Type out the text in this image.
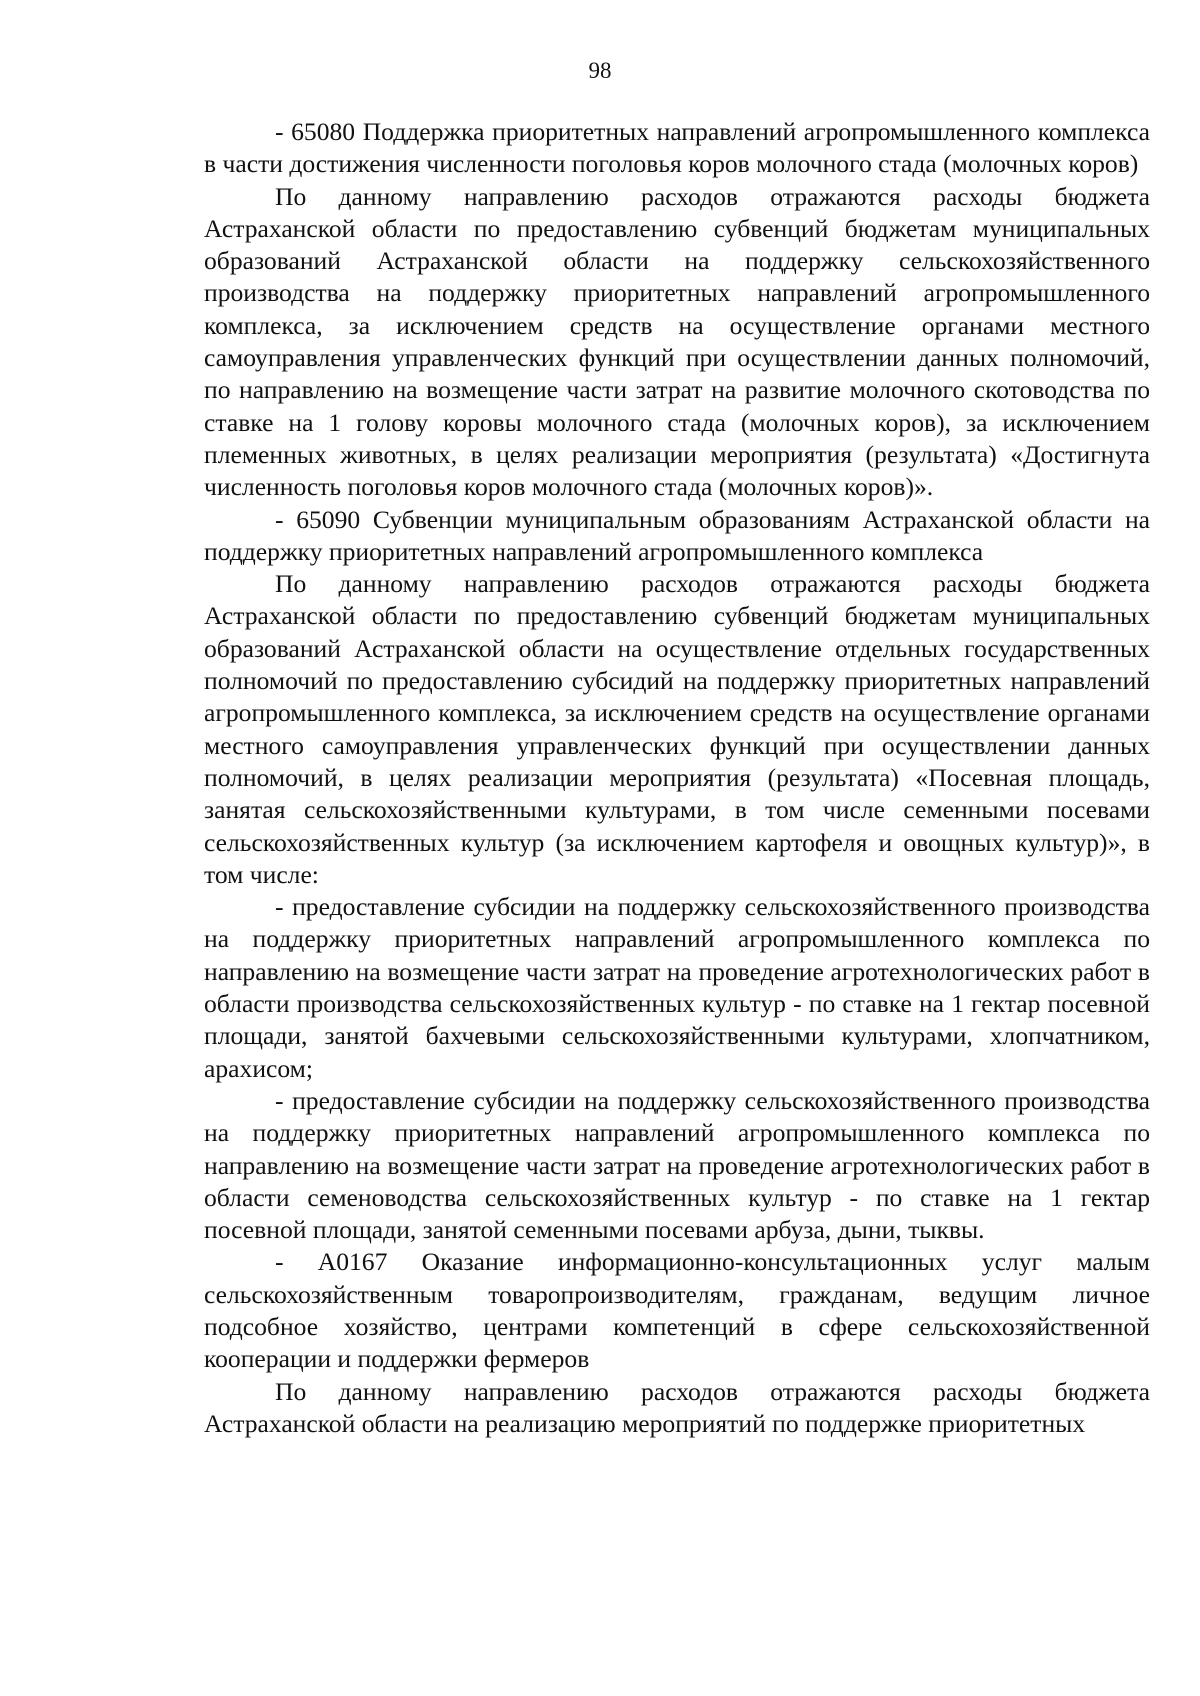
98

- 65080 Поддержка приоритетных направлений агропромышленного комплекса в части достижения численности поголовья коров молочного стада (молочных коров)

По данному направлению расходов отражаются расходы бюджета Астраханской области по предоставлению субвенций бюджетам муниципальных образований Астраханской области на поддержку сельскохозяйственного производства на поддержку приоритетных направлений агропромышленного комплекса, за исключением средств на осуществление органами местного самоуправления управленческих функций при осуществлении данных полномочий, по направлению на возмещение части затрат на развитие молочного скотоводства по ставке на 1 голову коровы молочного стада (молочных коров), за исключением племенных животных, в целях реализации мероприятия (результата) «Достигнута численность поголовья коров молочного стада (молочных коров)».

- 65090 Субвенции муниципальным образованиям Астраханской области на поддержку приоритетных направлений агропромышленного комплекса

По данному направлению расходов отражаются расходы бюджета Астраханской области по предоставлению субвенций бюджетам муниципальных образований Астраханской области на осуществление отдельных государственных полномочий по предоставлению субсидий на поддержку приоритетных направлений агропромышленного комплекса, за исключением средств на осуществление органами местного самоуправления управленческих функций при осуществлении данных полномочий, в целях реализации мероприятия (результата) «Посевная площадь, занятая сельскохозяйственными культурами, в том числе семенными посевами сельскохозяйственных культур (за исключением картофеля и овощных культур)», в том числе:

- предоставление субсидии на поддержку сельскохозяйственного производства на поддержку приоритетных направлений агропромышленного комплекса по направлению на возмещение части затрат на проведение агротехнологических работ в области производства сельскохозяйственных культур - по ставке на 1 гектар посевной площади, занятой бахчевыми сельскохозяйственными культурами, хлопчатником, арахисом;

- предоставление субсидии на поддержку сельскохозяйственного производства на поддержку приоритетных направлений агропромышленного комплекса по направлению на возмещение части затрат на проведение агротехнологических работ в области семеноводства сельскохозяйственных культур - по ставке на 1 гектар посевной площади, занятой семенными посевами арбуза, дыни, тыквы.

- А0167 Оказание информационно-консультационных услуг малым сельскохозяйственным товаропроизводителям, гражданам, ведущим личное подсобное хозяйство, центрами компетенций в сфере сельскохозяйственной кооперации и поддержки фермеров

По данному направлению расходов отражаются расходы бюджета Астраханской области на реализацию мероприятий по поддержке приоритетных
